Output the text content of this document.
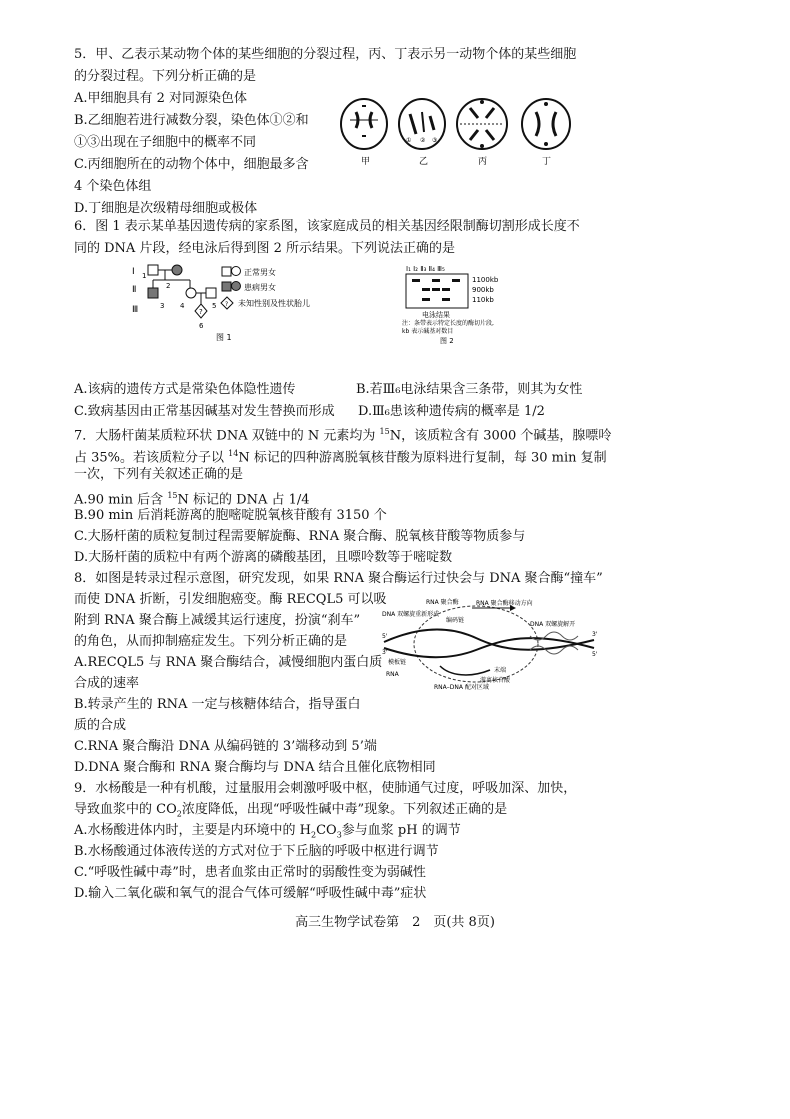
5．甲、乙表示某动物个体的某些细胞的分裂过程，丙、丁表示另一动物个体的某些细胞
的分裂过程。下列分析正确的是
A.甲细胞具有 2 对同源染色体
B.乙细胞若进行减数分裂，染色体①②和
①③出现在子细胞中的概率不同
C.丙细胞所在的动物个体中，细胞最多含
4 个染色体组
D.丁细胞是次级精母细胞或极体
① ② ③
甲	乙	丙	丁
6．图 1 表示某单基因遗传病的家系图，该家庭成员的相关基因经限制酶切割形成长度不
同的 DNA 片段，经电泳后得到图 2 所示结果。下列说法正确的是
Ⅰ
Ⅱ
Ⅲ
2
1
3 4	5
?
6
正常男女
患病男女
? 未知性别及性状胎儿
图 1
Ⅰ₁ Ⅰ₂ Ⅱ₃ Ⅱ₄ Ⅲ₅
1100kb
900kb
110kb
电泳结果
注：条带表示特定长度的酶切片段,
kb 表示碱基对数目
图 2
A.该病的遗传方式是常染色体隐性遗传	B.若Ⅲ₆电泳结果含三条带，则其为女性
C.致病基因由正常基因碱基对发生替换而形成 D.Ⅲ₆患该种遗传病的概率是 1/2
7．大肠杆菌某质粒环状 DNA 双链中的 N 元素均为 $^{15}$N，该质粒含有 3000 个碱基，腺嘌呤
占 35%。若该质粒分子以 $^{14}$N 标记的四种游离脱氧核苷酸为原料进行复制，每 30 min 复制
一次，下列有关叙述正确的是
A.90 min 后含 $^{15}$N 标记的 DNA 占 1/4
B.90 min 后消耗游离的胞嘧啶脱氧核苷酸有 3150 个
C.大肠杆菌的质粒复制过程需要解旋酶、RNA 聚合酶、脱氧核苷酸等物质参与
D.大肠杆菌的质粒中有两个游离的磷酸基团，且嘌呤数等于嘧啶数
8．如图是转录过程示意图，研究发现，如果 RNA 聚合酶运行过快会与 DNA 聚合酶“撞车”
而使 DNA 折断，引发细胞癌变。酶 RECQL5 可以吸
附到 RNA 聚合酶上减缓其运行速度，扮演“刹车”
的角色，从而抑制癌症发生。下列分析正确的是
A.RECQL5 与 RNA 聚合酶结合，减慢细胞内蛋白质
合成的速率
B.转录产生的 RNA 一定与核糖体结合，指导蛋白
质的合成
C.RNA 聚合酶沿 DNA 从编码链的 3’端移动到 5’端
D.DNA 聚合酶和 RNA 聚合酶均与 DNA 结合且催化底物相同
RNA 聚合酶	RNA 聚合酶移动方向
DNA 双螺旋重新形成
编码链
DNA 双螺旋解开
模板链
RNA
末端
游离核苷酸
RNA–DNA 配对区域
5'
3'
3'
5'
9．水杨酸是一种有机酸，过量服用会刺激呼吸中枢，使肺通气过度，呼吸加深、加快，
导致血浆中的 $CO_2$浓度降低，出现“呼吸性碱中毒”现象。下列叙述正确的是
A.水杨酸进体内时，主要是内环境中的 $H_2CO_3$参与血浆 pH 的调节
B.水杨酸通过体液传送的方式对位于下丘脑的呼吸中枢进行调节
C.“呼吸性碱中毒”时，患者血浆由正常时的弱酸性变为弱碱性
D.输入二氧化碳和氧气的混合气体可缓解“呼吸性碱中毒”症状
高三生物学试卷第　2　页(共 8页)
